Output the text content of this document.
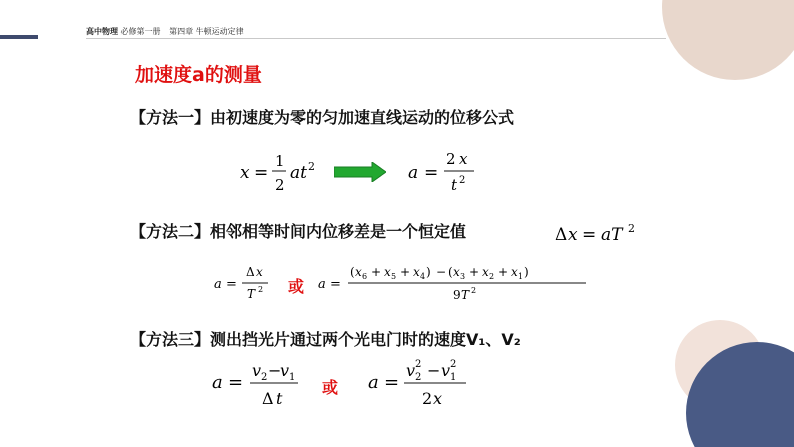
高中物理 必修第一册 第四章 牛顿运动定律
加速度a的测量
【方法一】由初速度为零的匀加速直线运动的位移公式
x =
1
2
at 2	a =
2 x
t 2
【方法二】相邻相等时间内位移差是一个恒定值	Δ x = aT 2
a =
Δ x
T 2 或 a =
( x 6 + x 5 + x 4 ) − ( x 3 + x 2 + x 1 )
9 T 2
【方法三】测出挡光片通过两个光电门时的速度V₁、V₂
a =
v 2 −
v 1
Δ t
或 a =
v 2
2 − v 1
2
2 x
